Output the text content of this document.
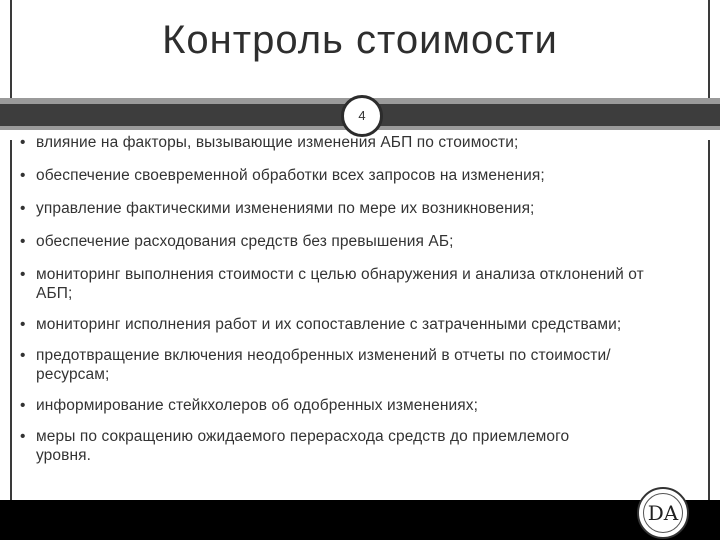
Контроль стоимости
4
• влияние на факторы, вызывающие изменения АБП по стоимости;
• обеспечение своевременной обработки всех запросов на изменения;
• управление фактическими изменениями по мере их возникновения;
• обеспечение расходования средств без превышения АБ;
• мониторинг выполнения стоимости с целью обнаружения и анализа отклонений от АБП;
• мониторинг исполнения работ и их сопоставление с затраченными средствами;
• предотвращение включения неодобренных изменений в отчеты по стоимости/ресурсам;
• информирование стейкхолеров об одобренных изменениях;
• меры по сокращению ожидаемого перерасхода средств до приемлемого уровня.
DA
